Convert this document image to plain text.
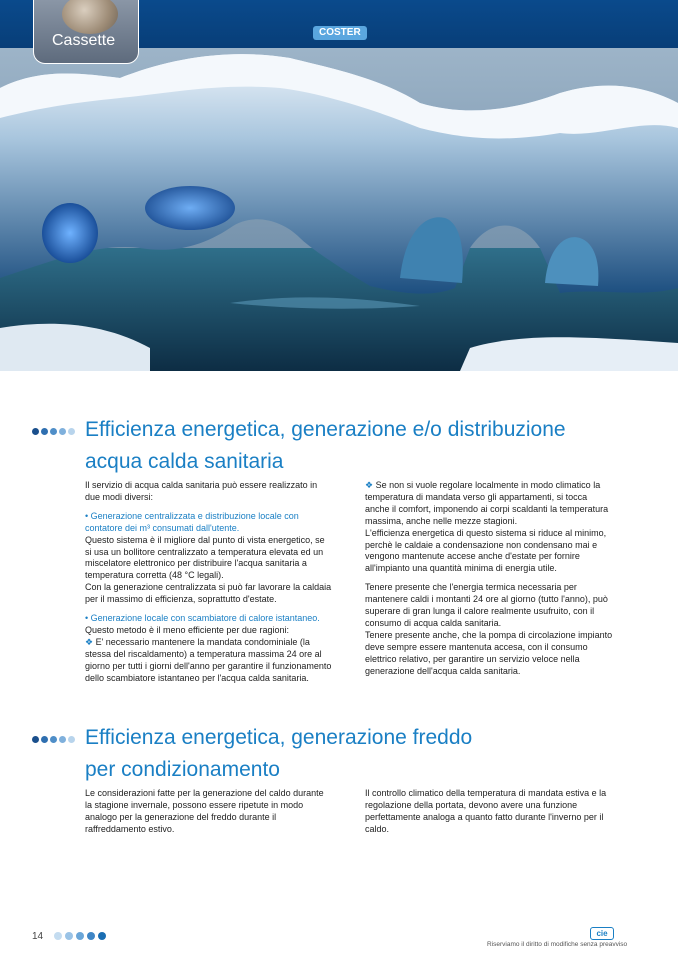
Cassette	COSTER
Efficienza energetica, generazione e/o distribuzione
acqua calda sanitaria

Il servizio di acqua calda sanitaria può essere realizzato in due modi diversi:

• Generazione centralizzata e distribuzione locale con contatore dei m³ consumati dall'utente.

Questo sistema è il migliore dal punto di vista energetico, se si usa un bollitore centralizzato a temperatura elevata ed un miscelatore elettronico per distribuire l'acqua sanitaria a temperatura corretta (48 °C legali).

Con la generazione centralizzata si può far lavorare la caldaia per il massimo di efficienza, soprattutto d'estate.

• Generazione locale con scambiatore di calore istantaneo.

Questo metodo è il meno efficiente per due ragioni:

❖ E' necessario mantenere la mandata condominiale (la stessa del riscaldamento) a temperatura massima 24 ore al giorno per tutti i giorni dell'anno per garantire il funzionamento dello scambiatore istantaneo per l'acqua calda sanitaria.

❖ Se non si vuole regolare localmente in modo climatico la temperatura di mandata verso gli appartamenti, si tocca anche il comfort, imponendo ai corpi scaldanti la temperatura massima, anche nelle mezze stagioni.

L'efficienza energetica di questo sistema si riduce al minimo, perchè le caldaie a condensazione non condensano mai e vengono mantenute accese anche d'estate per fornire all'impianto una quantità minima di energia utile.

Tenere presente che l'energia termica necessaria per mantenere caldi i montanti 24 ore al giorno (tutto l'anno), può superare di gran lunga il calore realmente usufruito, con il consumo di acqua calda sanitaria.

Tenere presente anche, che la pompa di circolazione impianto deve sempre essere mantenuta accesa, con il consumo elettrico relativo, per garantire un servizio veloce nella generazione dell'acqua calda sanitaria.

Efficienza energetica, generazione freddo
per condizionamento

Le considerazioni fatte per la generazione del caldo durante la stagione invernale, possono essere ripetute in modo analogo per la generazione del freddo durante il raffreddamento estivo.

Il controllo climatico della temperatura di mandata estiva e la regolazione della portata, devono avere una funzione perfettamente analoga a quanto fatto durante l'inverno per il caldo.

14	cie
Riserviamo il diritto di modifiche senza preavviso
